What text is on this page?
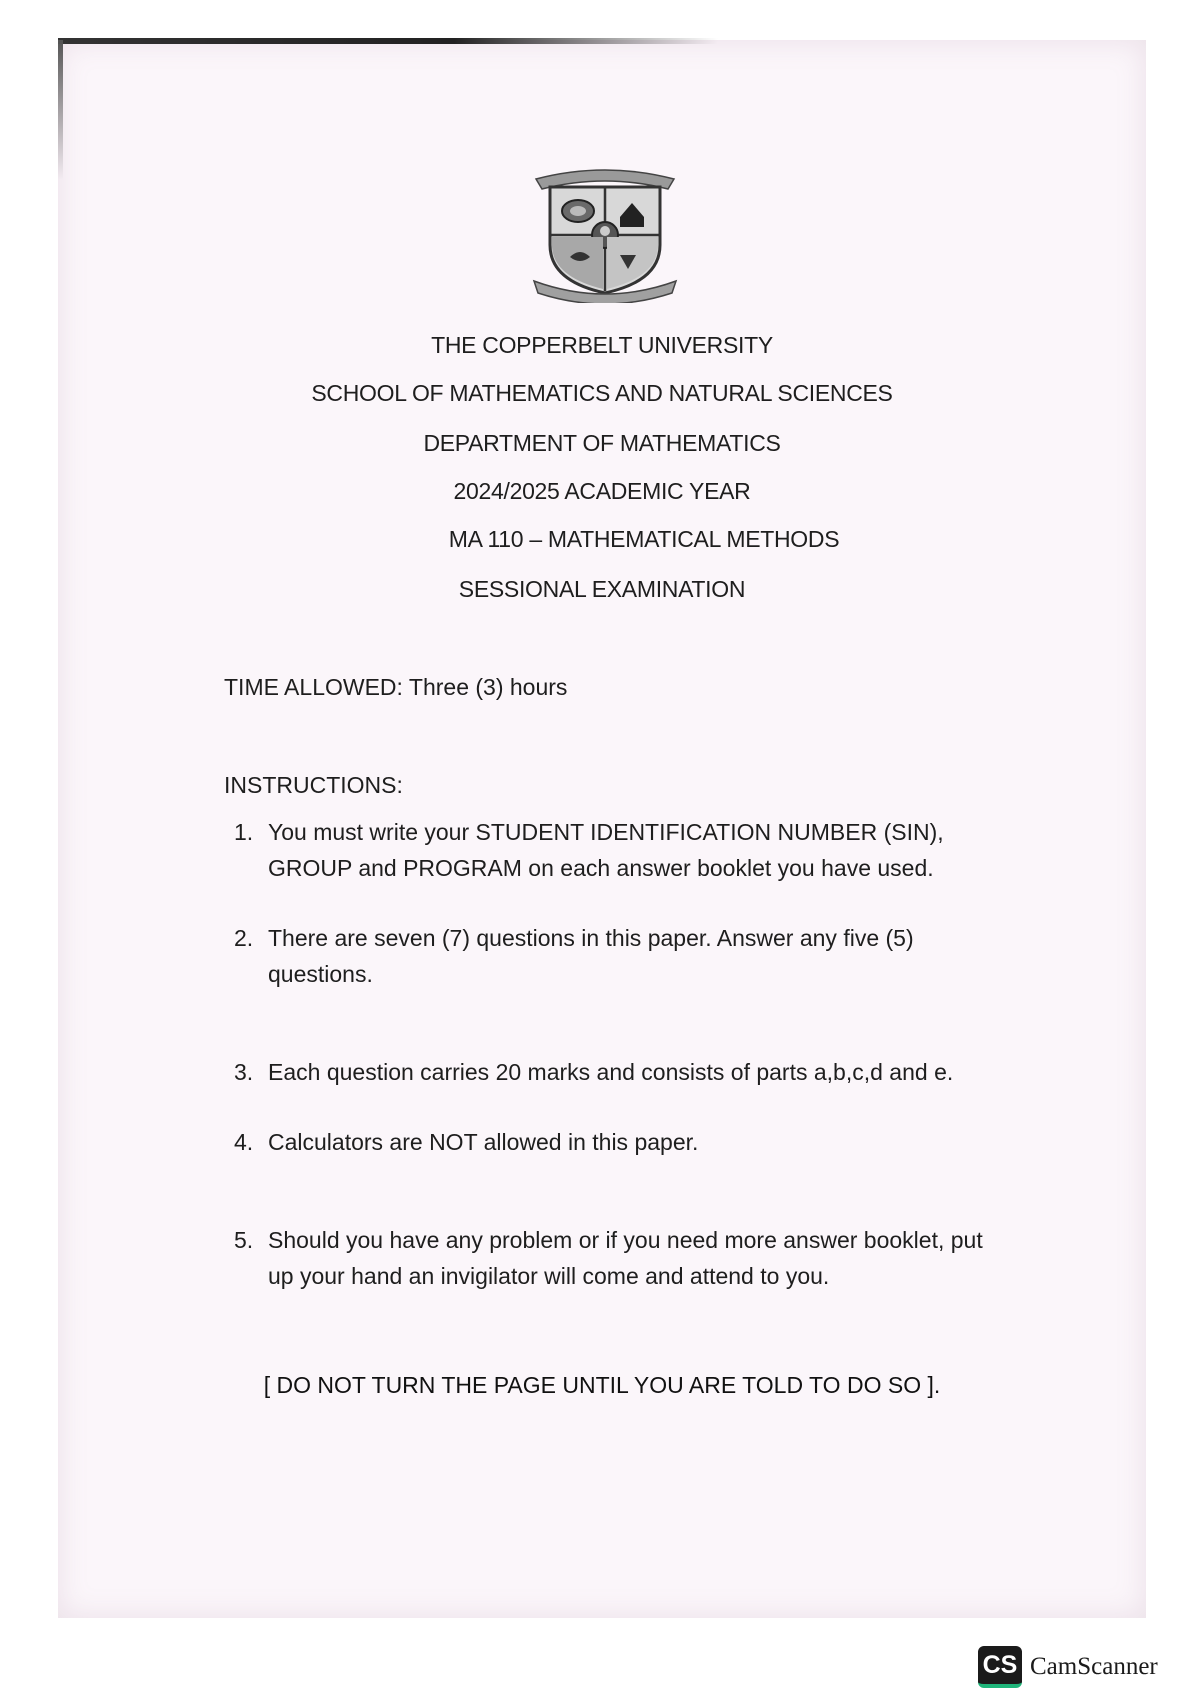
THE COPPERBELT UNIVERSITY
SCHOOL OF MATHEMATICS AND NATURAL SCIENCES
DEPARTMENT OF MATHEMATICS
2024/2025 ACADEMIC YEAR
MA 110 – MATHEMATICAL METHODS
SESSIONAL EXAMINATION
TIME ALLOWED: Three (3) hours
INSTRUCTIONS:
1. You must write your STUDENT IDENTIFICATION NUMBER (SIN), GROUP and PROGRAM on each answer booklet you have used.
2. There are seven (7) questions in this paper. Answer any five (5) questions.
3. Each question carries 20 marks and consists of parts a,b,c,d and e.
4. Calculators are NOT allowed in this paper.
5. Should you have any problem or if you need more answer booklet, put up your hand an invigilator will come and attend to you.
[ DO NOT TURN THE PAGE UNTIL YOU ARE TOLD TO DO SO ].
CS CamScanner
